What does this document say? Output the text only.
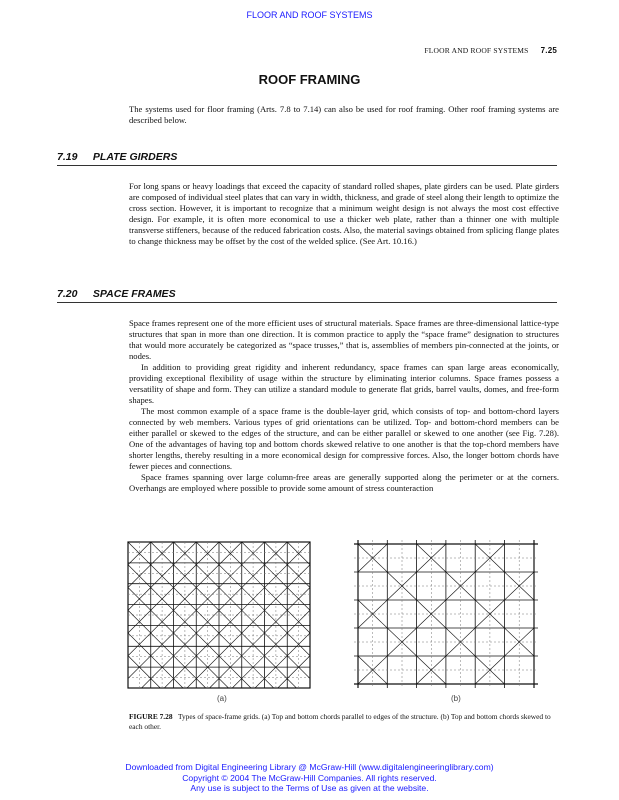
FLOOR AND ROOF SYSTEMS
FLOOR AND ROOF SYSTEMS 7.25
ROOF FRAMING
The systems used for floor framing (Arts. 7.8 to 7.14) can also be used for roof framing. Other roof framing systems are described below.
7.19 PLATE GIRDERS
For long spans or heavy loadings that exceed the capacity of standard rolled shapes, plate girders can be used. Plate girders are composed of individual steel plates that can vary in width, thickness, and grade of steel along their length to optimize the cross section. However, it is important to recognize that a minimum weight design is not always the most cost effective design. For example, it is often more economical to use a thicker web plate, rather than a thinner one with multiple transverse stiffeners, because of the reduced fabrication costs. Also, the material savings obtained from splicing flange plates to change thickness may be offset by the cost of the welded splice. (See Art. 10.16.)
7.20 SPACE FRAMES

Space frames represent one of the more efficient uses of structural materials. Space frames are three-dimensional lattice-type structures that span in more than one direction. It is common practice to apply the “space frame” designation to structures that would more accurately be categorized as “space trusses,” that is, assemblies of members pin-connected at the joints, or nodes.

In addition to providing great rigidity and inherent redundancy, space frames can span large areas economically, providing exceptional flexibility of usage within the structure by eliminating interior columns. Space frames possess a versatility of shape and form. They can utilize a standard module to generate flat grids, barrel vaults, domes, and free-form shapes.

The most common example of a space frame is the double-layer grid, which consists of top- and bottom-chord layers connected by web members. Various types of grid orientations can be utilized. Top- and bottom-chord members can be either parallel or skewed to the edges of the structure, and can be either parallel or skewed to one another (see Fig. 7.28). One of the advantages of having top and bottom chords skewed relative to one another is that the top-chord members have shorter lengths, thereby resulting in a more economical design for compressive forces. Also, the longer bottom chords have fewer pieces and connections.

Space frames spanning over large column-free areas are generally supported along the perimeter or at the corners. Overhangs are employed where possible to provide some amount of stress counteraction

(a)	(b)
FIGURE 7.28 Types of space-frame grids. (a) Top and bottom chords parallel to edges of the structure. (b) Top and bottom chords skewed to each other.
Downloaded from Digital Engineering Library @ McGraw-Hill (www.digitalengineeringlibrary.com)
Copyright © 2004 The McGraw-Hill Companies. All rights reserved.
Any use is subject to the Terms of Use as given at the website.
